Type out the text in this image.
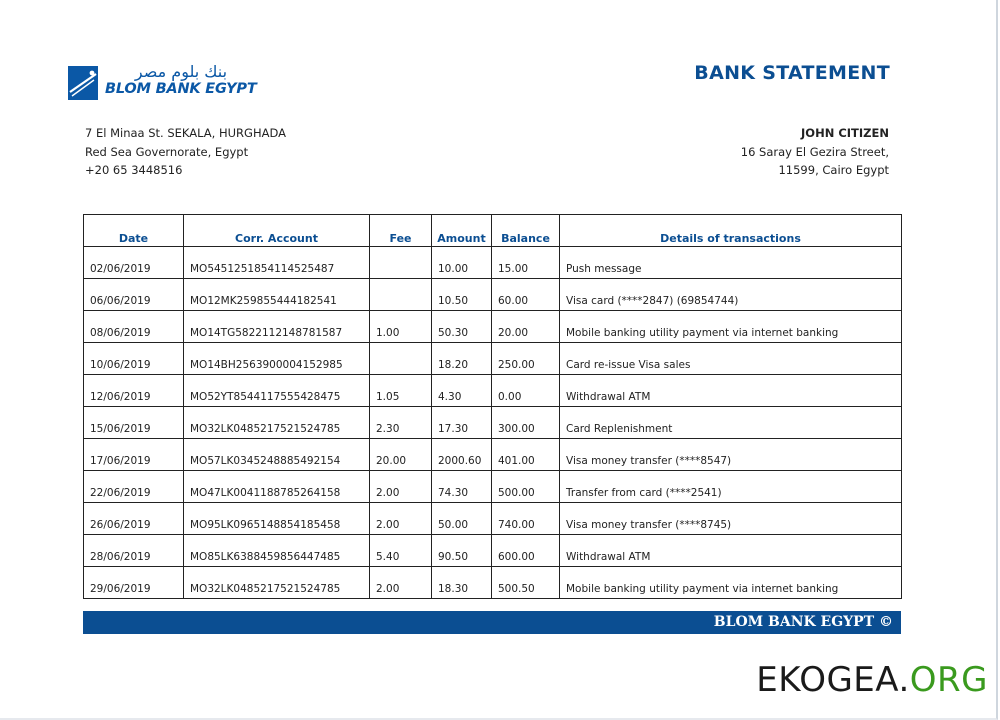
بنك بلوم مصر
BLOM BANK EGYPT
BANK STATEMENT
7 El Minaa St. SEKALA, HURGHADA
Red Sea Governorate, Egypt
+20 65 3448516
JOHN CITIZEN
16 Saray El Gezira Street,
11599, Cairo Egypt
Date	Corr. Account	Fee	Amount	Balance	Details of transactions
02/06/2019	MO5451251854114525487		10.00	15.00	Push message
06/06/2019	MO12MK259855444182541		10.50	60.00	Visa card (****2847) (69854744)
08/06/2019	MO14TG5822112148781587	1.00	50.30	20.00	Mobile banking utility payment via internet banking
10/06/2019	MO14BH2563900004152985		18.20	250.00	Card re-issue Visa sales
12/06/2019	MO52YT8544117555428475	1.05	4.30	0.00	Withdrawal ATM
15/06/2019	MO32LK0485217521524785	2.30	17.30	300.00	Card Replenishment
17/06/2019	MO57LK0345248885492154	20.00	2000.60	401.00	Visa money transfer (****8547)
22/06/2019	MO47LK0041188785264158	2.00	74.30	500.00	Transfer from card (****2541)
26/06/2019	MO95LK0965148854185458	2.00	50.00	740.00	Visa money transfer (****8745)
28/06/2019	MO85LK6388459856447485	5.40	90.50	600.00	Withdrawal ATM
29/06/2019	MO32LK0485217521524785	2.00	18.30	500.50	Mobile banking utility payment via internet banking
BLOM BANK EGYPT ©
EKOGEA.ORG
